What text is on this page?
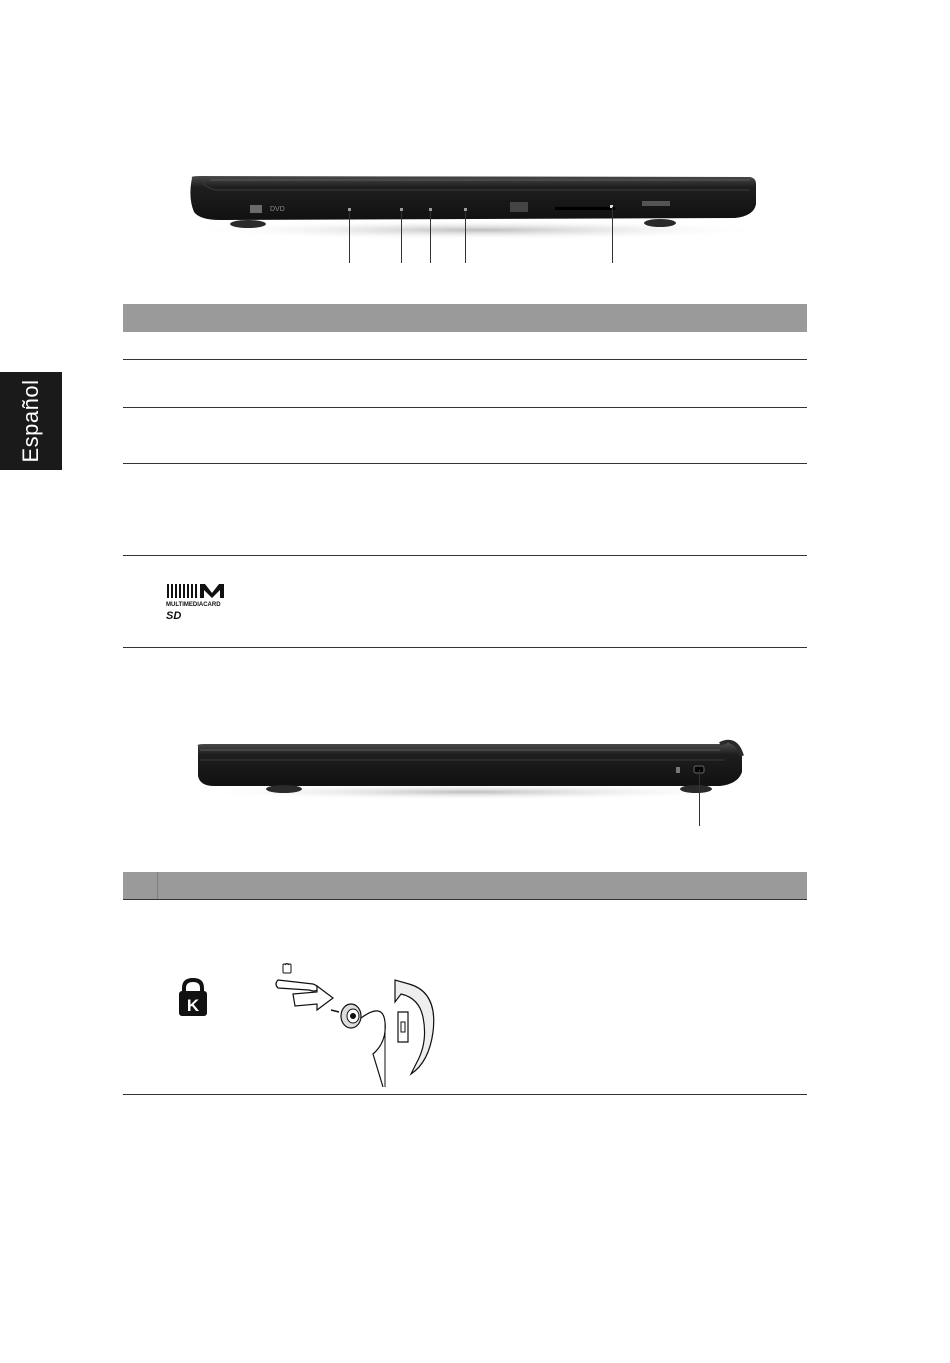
Español
DVD
MULTIMEDIACARD
SD
K
